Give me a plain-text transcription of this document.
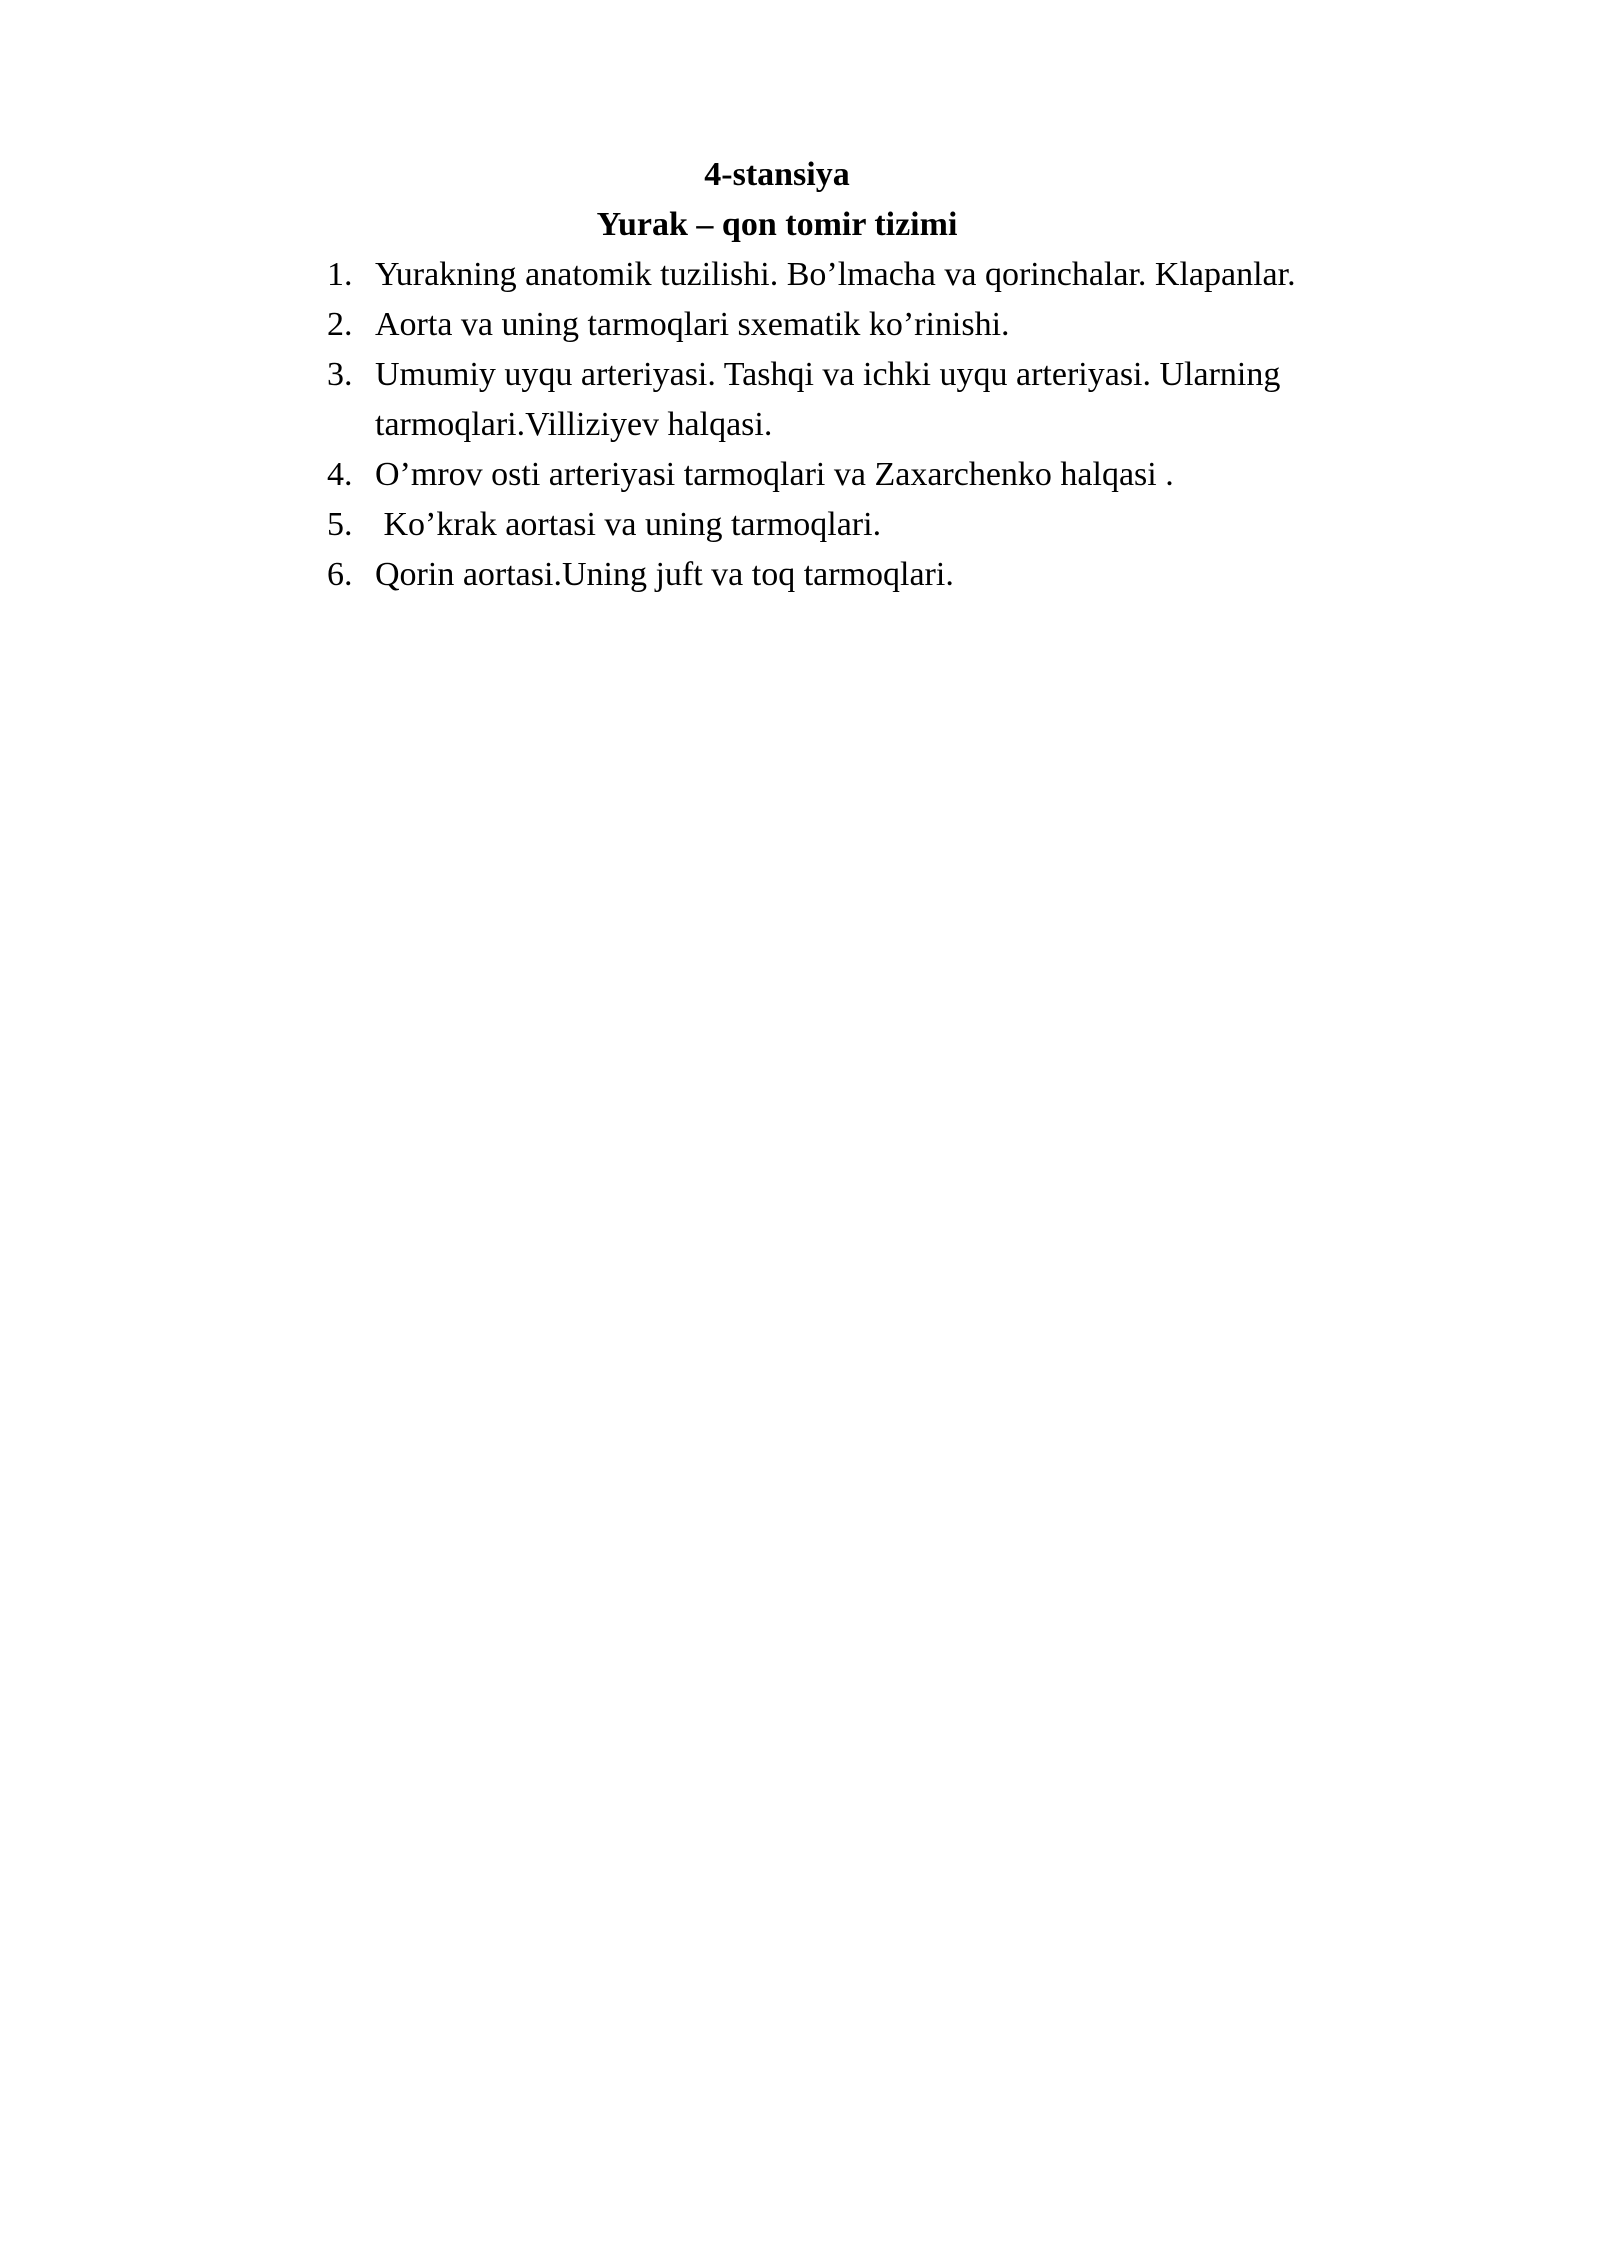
4-stansiya
Yurak – qon tomir tizimi
1. Yurakning anatomik tuzilishi. Bo’lmacha va qorinchalar. Klapanlar.
2. Aorta va uning tarmoqlari sxematik ko’rinishi.
3. Umumiy uyqu arteriyasi. Tashqi va ichki uyqu arteriyasi. Ularning tarmoqlari.Villiziyev halqasi.
4. O’mrov osti arteriyasi tarmoqlari va Zaxarchenko halqasi .
5. Ko’krak aortasi va uning tarmoqlari.
6. Qorin aortasi.Uning juft va toq tarmoqlari.
